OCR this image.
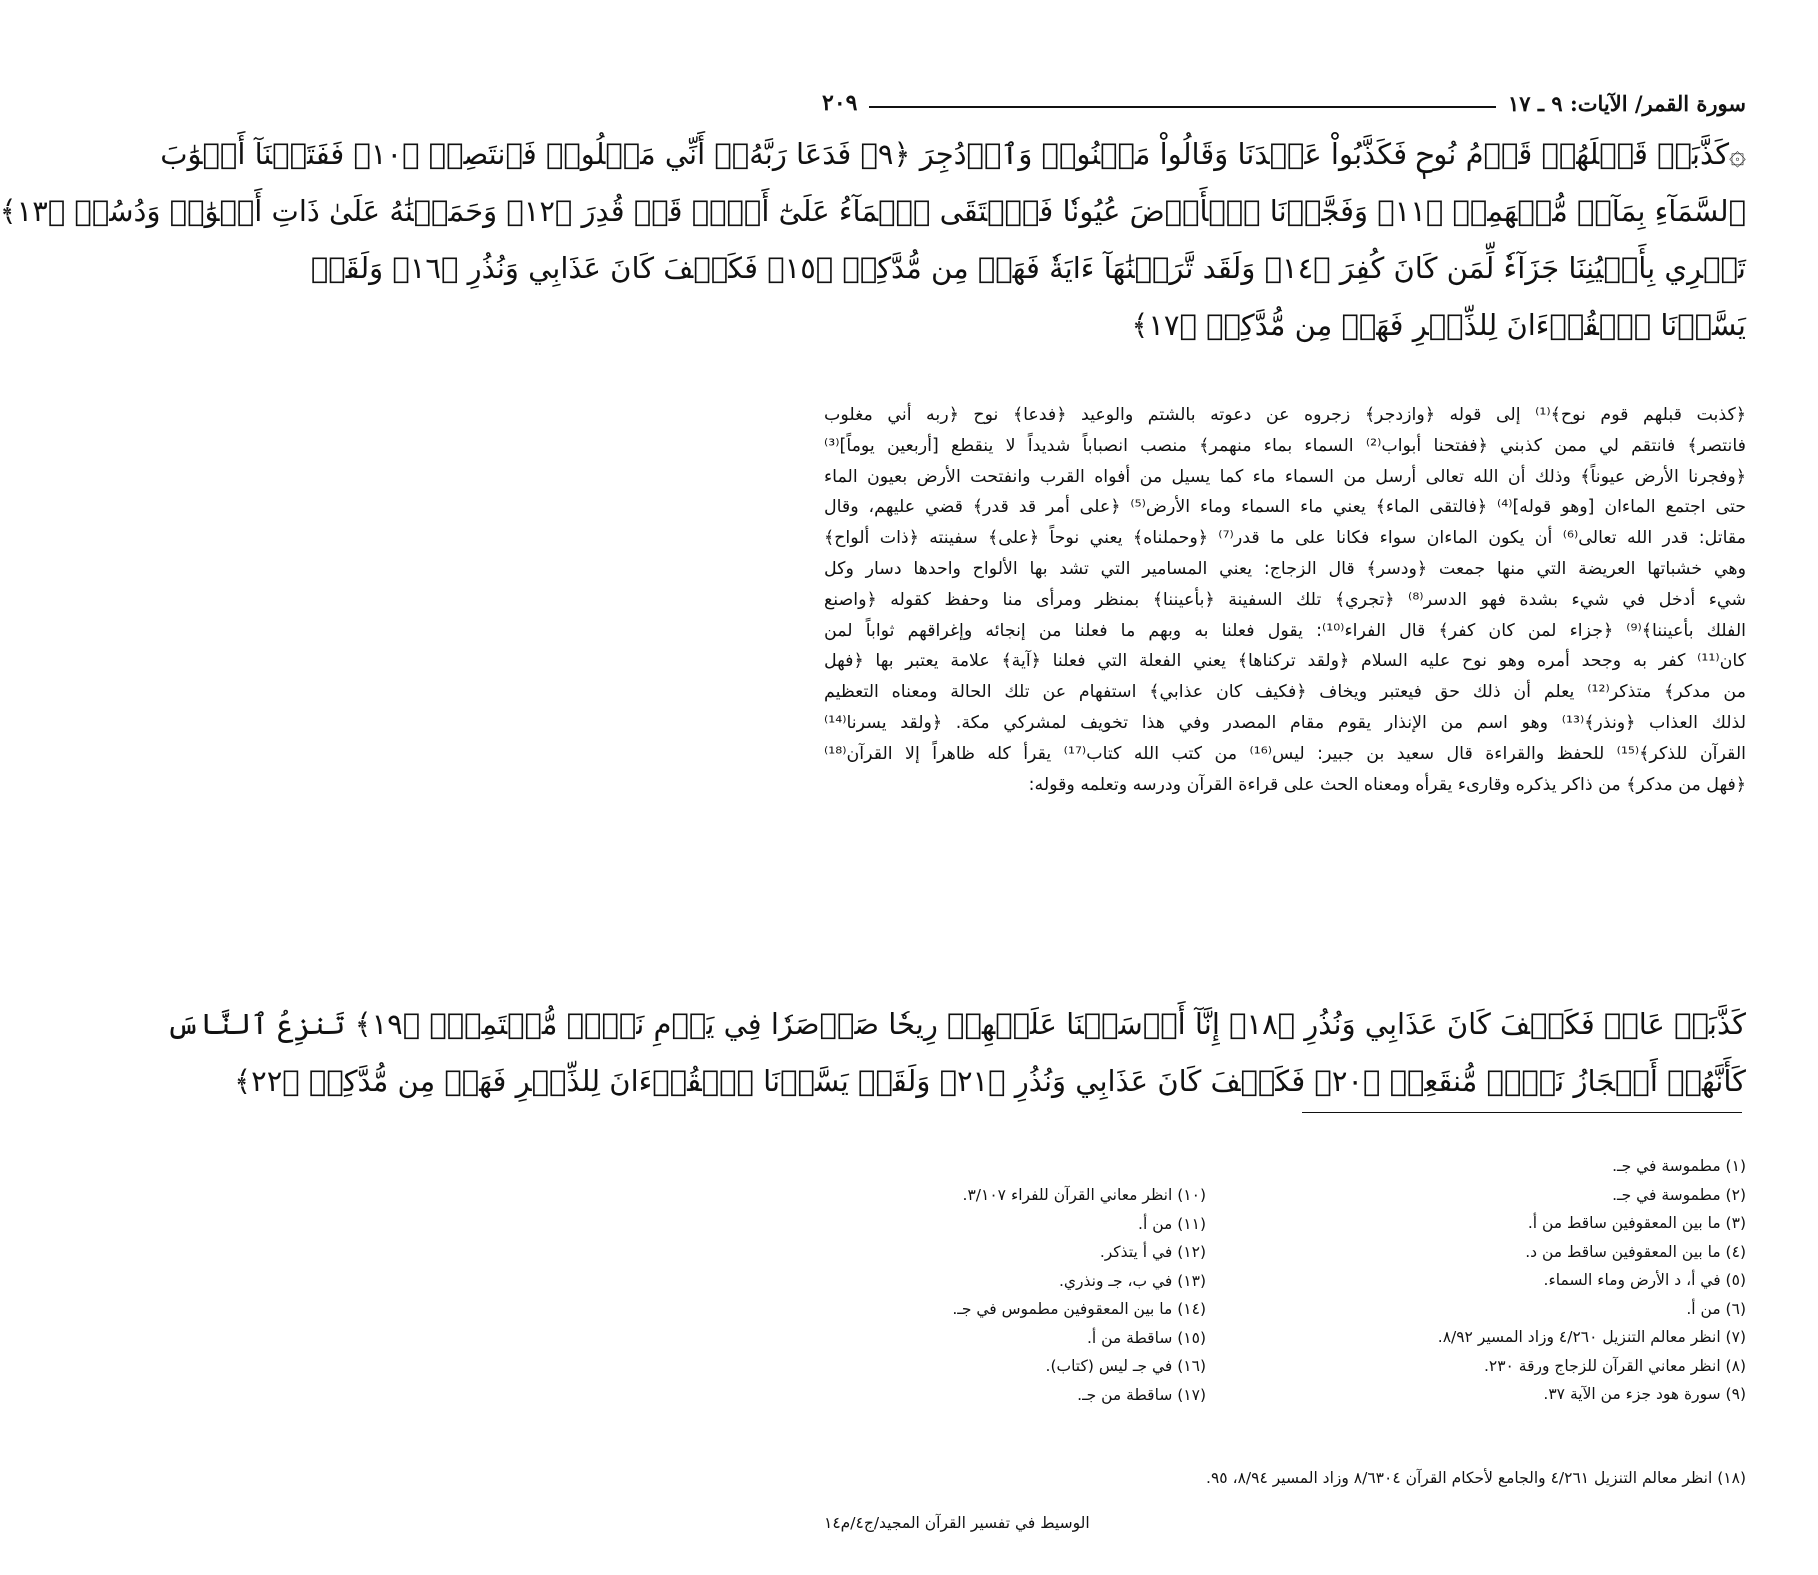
سورة القمر/ الآيات: ٩ ـ ١٧
٢٠٩
۞كَذَّبَتۡ قَبۡلَهُمۡ قَوۡمُ نُوحٖ فَكَذَّبُواْ عَبۡدَنَا وَقَالُواْ مَجۡنُونٞ وَٱزۡدُجِرَ ﴿٩﴾ فَدَعَا رَبَّهُۥٓ أَنِّي مَغۡلُوبٞ فَٱنتَصِرۡ ﴿١٠﴾ فَفَتَحۡنَآ أَبۡوَٰبَ
ٱلسَّمَآءِ بِمَآءٖ مُّنۡهَمِرٖ ﴿١١﴾ وَفَجَّرۡنَا ٱلۡأَرۡضَ عُيُونٗا فَٱلۡتَقَى ٱلۡمَآءُ عَلَىٰٓ أَمۡرٖ قَدۡ قُدِرَ ﴿١٢﴾ وَحَمَلۡنَٰهُ عَلَىٰ ذَاتِ أَلۡوَٰحٖ وَدُسُرٖ ﴿١٣﴾
تَجۡرِي بِأَعۡيُنِنَا جَزَآءٗ لِّمَن كَانَ كُفِرَ ﴿١٤﴾ وَلَقَد تَّرَكۡنَٰهَآ ءَايَةٗ فَهَلۡ مِن مُّدَّكِرٖ ﴿١٥﴾ فَكَيۡفَ كَانَ عَذَابِي وَنُذُرِ ﴿١٦﴾ وَلَقَدۡ
يَسَّرۡنَا ٱلۡقُرۡءَانَ لِلذِّكۡرِ فَهَلۡ مِن مُّدَّكِرٖ ﴿١٧﴾
﴿كذبت قبلهم قوم نوح﴾⁽¹⁾ إلى قوله ﴿وازدجر﴾ زجروه عن دعوته بالشتم والوعيد ﴿فدعا﴾ نوح ﴿ربه أني مغلوب
فانتصر﴾ فانتقم لي ممن كذبني ﴿ففتحنا أبواب⁽²⁾ السماء بماء منهمر﴾ منصب انصباباً شديداً لا ينقطع [أربعين يوماً]⁽³⁾
﴿وفجرنا الأرض عيوناً﴾ وذلك أن الله تعالى أرسل من السماء ماء كما يسيل من أفواه القرب وانفتحت الأرض بعيون الماء
حتى اجتمع الماءان [وهو قوله]⁽⁴⁾ ﴿فالتقى الماء﴾ يعني ماء السماء وماء الأرض⁽⁵⁾ ﴿على أمر قد قدر﴾ قضي عليهم، وقال
مقاتل: قدر الله تعالى⁽⁶⁾ أن يكون الماءان سواء فكانا على ما قدر⁽⁷⁾ ﴿وحملناه﴾ يعني نوحاً ﴿على﴾ سفينته ﴿ذات ألواح﴾
وهي خشباتها العريضة التي منها جمعت ﴿ودسر﴾ قال الزجاج: يعني المسامير التي تشد بها الألواح واحدها دسار وكل
شيء أدخل في شيء بشدة فهو الدسر⁽⁸⁾ ﴿تجري﴾ تلك السفينة ﴿بأعيننا﴾ بمنظر ومرأى منا وحفظ كقوله ﴿واصنع
الفلك بأعيننا﴾⁽⁹⁾ ﴿جزاء لمن كان كفر﴾ قال الفراء⁽¹⁰⁾: يقول فعلنا به وبهم ما فعلنا من إنجائه وإغراقهم ثواباً لمن
كان⁽¹¹⁾ كفر به وجحد أمره وهو نوح عليه السلام ﴿ولقد تركناها﴾ يعني الفعلة التي فعلنا ﴿آية﴾ علامة يعتبر بها ﴿فهل
من مدكر﴾ متذكر⁽¹²⁾ يعلم أن ذلك حق فيعتبر ويخاف ﴿فكيف كان عذابي﴾ استفهام عن تلك الحالة ومعناه التعظيم
لذلك العذاب ﴿ونذر﴾⁽¹³⁾ وهو اسم من الإنذار يقوم مقام المصدر وفي هذا تخويف لمشركي مكة. ﴿ولقد يسرنا⁽¹⁴⁾
القرآن للذكر﴾⁽¹⁵⁾ للحفظ والقراءة قال سعيد بن جبير: ليس⁽¹⁶⁾ من كتب الله كتاب⁽¹⁷⁾ يقرأ كله ظاهراً إلا القرآن⁽¹⁸⁾
﴿فهل من مدكر﴾ من ذاكر يذكره وقارىء يقرأه ومعناه الحث على قراءة القرآن ودرسه وتعلمه وقوله:
كَذَّبَتۡ عَادٞ فَكَيۡفَ كَانَ عَذَابِي وَنُذُرِ ﴿١٨﴾ إِنَّآ أَرۡسَلۡنَا عَلَيۡهِمۡ رِيحٗا صَرۡصَرٗا فِي يَوۡمِ نَحۡسٖ مُّسۡتَمِرّٖ ﴿١٩﴾ تَنزِعُ ٱلنَّاسَ
كَأَنَّهُمۡ أَعۡجَازُ نَخۡلٖ مُّنقَعِرٖ ﴿٢٠﴾ فَكَيۡفَ كَانَ عَذَابِي وَنُذُرِ ﴿٢١﴾ وَلَقَدۡ يَسَّرۡنَا ٱلۡقُرۡءَانَ لِلذِّكۡرِ فَهَلۡ مِن مُّدَّكِرٖ ﴿٢٢﴾
(١) مطموسة في جـ.
(٢) مطموسة في جـ.
(٣) ما بين المعقوفين ساقط من أ.
(٤) ما بين المعقوفين ساقط من د.
(٥) في أ، د الأرض وماء السماء.
(٦) من أ.
(٧) انظر معالم التنزيل ٤/٢٦٠ وزاد المسير ٨/٩٢.
(٨) انظر معاني القرآن للزجاج ورقة ٢٣٠.
(٩) سورة هود جزء من الآية ٣٧.
(١٠) انظر معاني القرآن للفراء ٣/١٠٧.
(١١) من أ.
(١٢) في أ يتذكر.
(١٣) في ب، جـ ونذري.
(١٤) ما بين المعقوفين مطموس في جـ.
(١٥) ساقطة من أ.
(١٦) في جـ ليس (كتاب).
(١٧) ساقطة من جـ.
(١٨) انظر معالم التنزيل ٤/٢٦١ والجامع لأحكام القرآن ٨/٦٣٠٤ وزاد المسير ٨/٩٤، ٩٥.
الوسيط في تفسير القرآن المجيد/ج٤/م١٤
